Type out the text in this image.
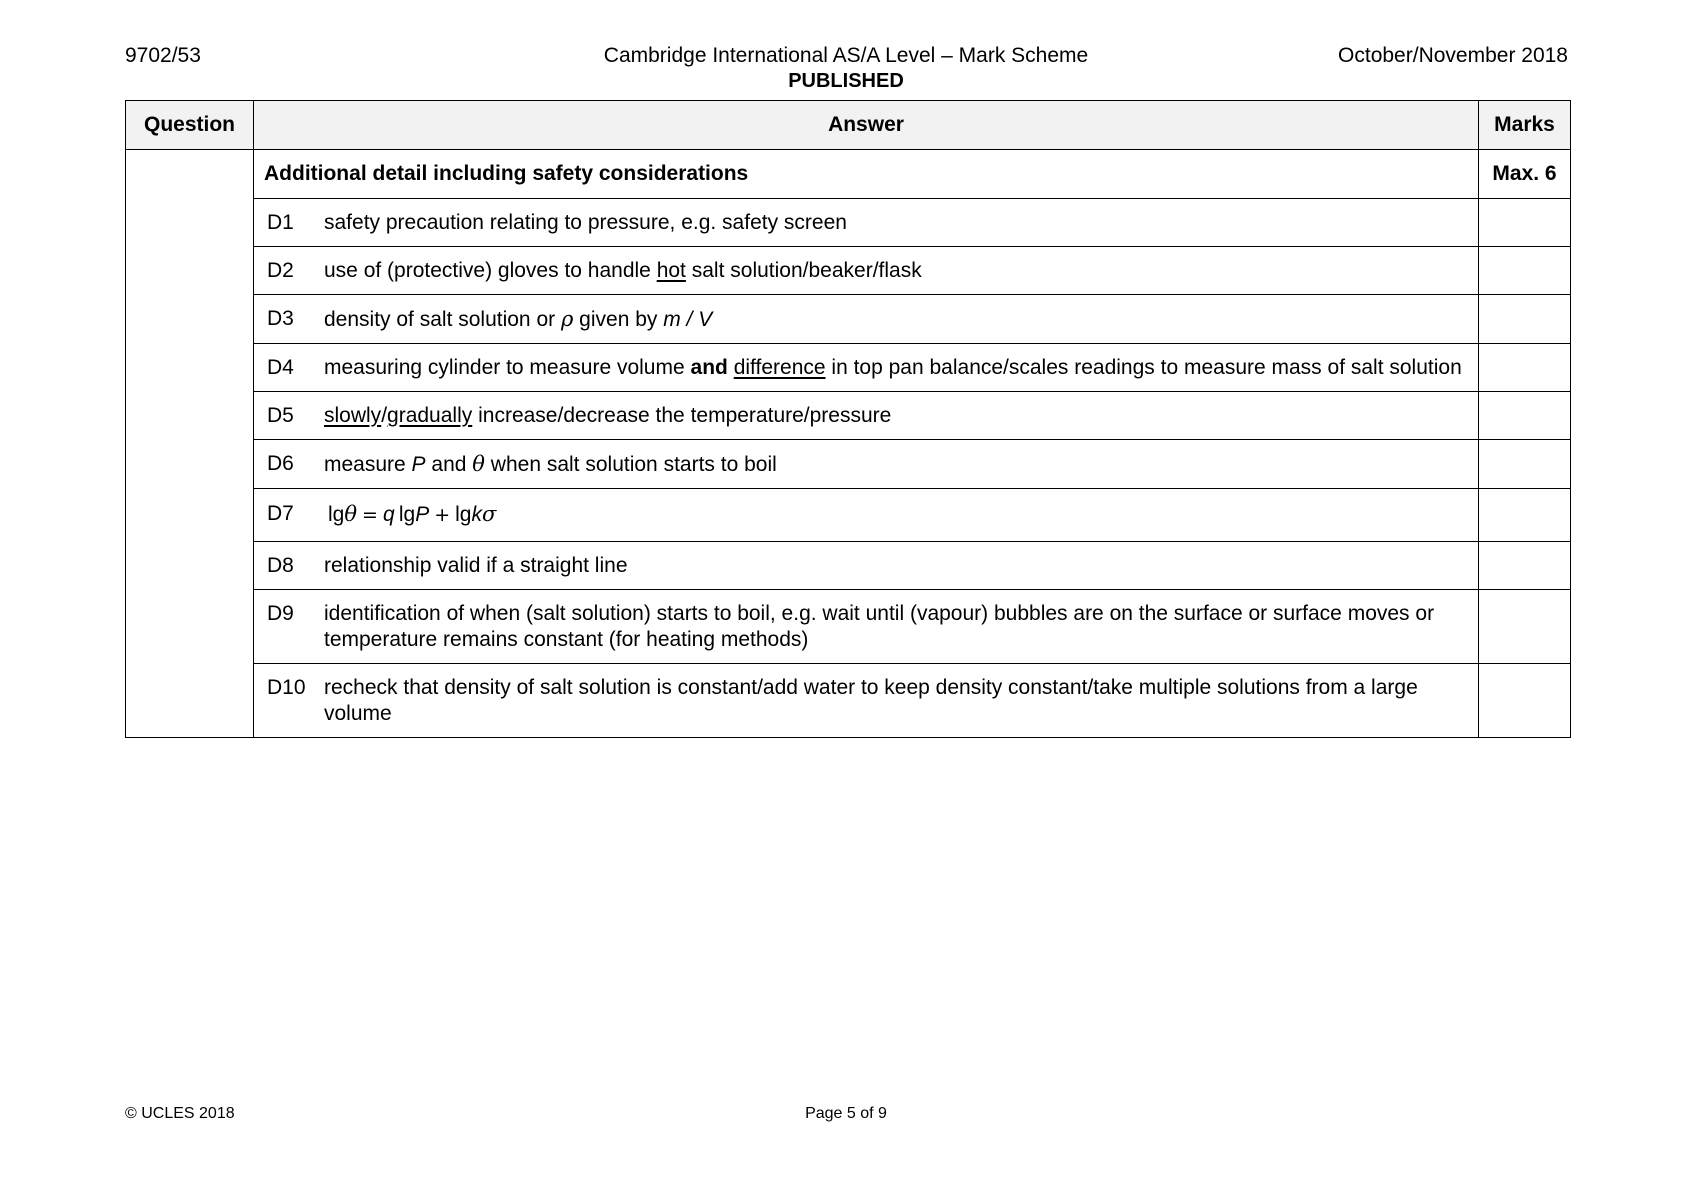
9702/53	Cambridge International AS/A Level – Mark Scheme
PUBLISHED
October/November 2018
Question	Answer	Marks
	Additional detail including safety considerations	Max. 6

	D1 safety precaution relating to pressure, e.g. safety screen	

	D2 use of (protective) gloves to handle hot salt solution/beaker/flask	

	D3 density of salt solution or ρ given by m / V	

	D4 measuring cylinder to measure volume and difference in top pan balance/scales readings to measure mass of salt solution	

	D5 slowly/gradually increase/decrease the temperature/pressure	

	D6 measure P and θ when salt solution starts to boil	

	D7 lgθ = q  lgP + lgkσ	

	D8 relationship valid if a straight line	

	D9 identification of when (salt solution) starts to boil, e.g. wait until (vapour) bubbles are on the surface or surface moves or temperature remains constant (for heating methods)	

	D10 recheck that density of salt solution is constant/add water to keep density constant/take multiple solutions from a large volume	

© UCLES 2018	Page 5 of 9
